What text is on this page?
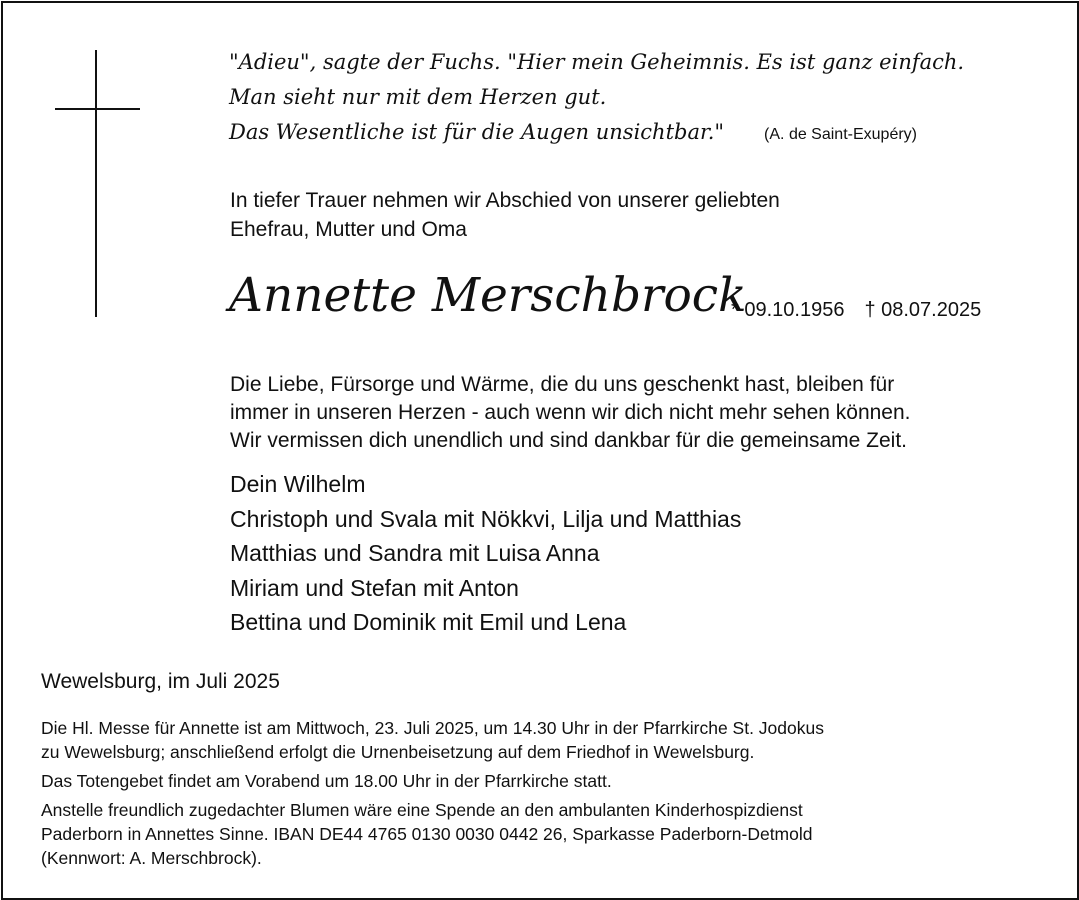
"Adieu", sagte der Fuchs. "Hier mein Geheimnis. Es ist ganz einfach.
Man sieht nur mit dem Herzen gut.
Das Wesentliche ist für die Augen unsichtbar."	(A. de Saint-Exupéry)
In tiefer Trauer nehmen wir Abschied von unserer geliebten
Ehefrau, Mutter und Oma
Annette Merschbrock
* 09.10.1956 † 08.07.2025
Die Liebe, Fürsorge und Wärme, die du uns geschenkt hast, bleiben für
immer in unseren Herzen - auch wenn wir dich nicht mehr sehen können.
Wir vermissen dich unendlich und sind dankbar für die gemeinsame Zeit.
Dein Wilhelm
Christoph und Svala mit Nökkvi, Lilja und Matthias
Matthias und Sandra mit Luisa Anna
Miriam und Stefan mit Anton
Bettina und Dominik mit Emil und Lena
Wewelsburg, im Juli 2025

Die Hl. Messe für Annette ist am Mittwoch, 23. Juli 2025, um 14.30 Uhr in der Pfarrkirche St. Jodokus
zu Wewelsburg; anschließend erfolgt die Urnenbeisetzung auf dem Friedhof in Wewelsburg.

Das Totengebet findet am Vorabend um 18.00 Uhr in der Pfarrkirche statt.

Anstelle freundlich zugedachter Blumen wäre eine Spende an den ambulanten Kinderhospizdienst
Paderborn in Annettes Sinne. IBAN DE44 4765 0130 0030 0442 26, Sparkasse Paderborn-Detmold
(Kennwort: A. Merschbrock).
